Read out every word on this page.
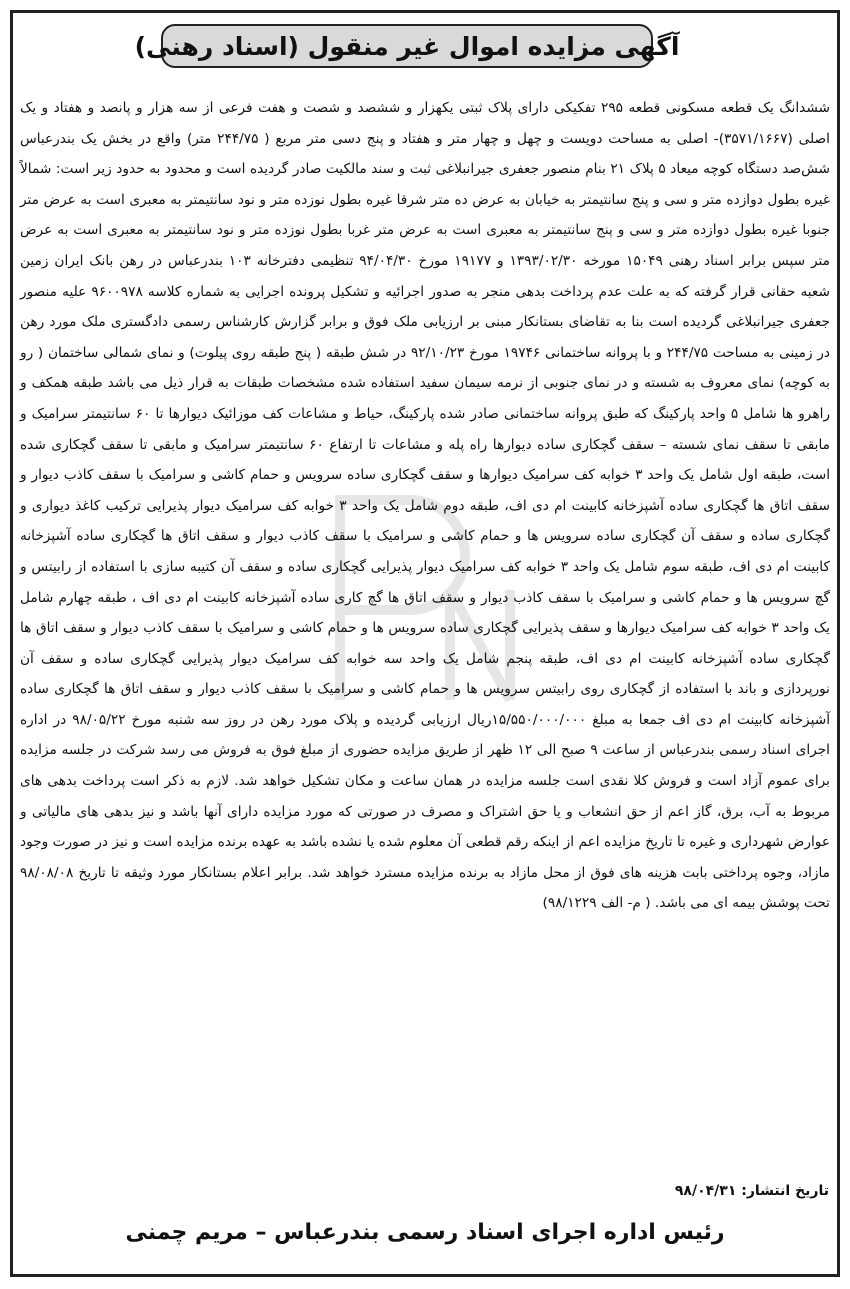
آگهی مزایده اموال غیر منقول (اسناد رهنی)
ششدانگ یک قطعه مسکونی قطعه ۲۹۵ تفکیکی دارای پلاک ثبتی یکهزار و ششصد و شصت و هفت فرعی از سه هزار و پانصد و هفتاد و یک اصلی (۳۵۷۱/۱۶۶۷)- اصلی به مساحت دویست و چهل و چهار متر و هفتاد و پنج دسی متر مربع ( ۲۴۴/۷۵ متر) واقع در بخش یک بندرعباس شش‌صد دستگاه کوچه میعاد ۵ پلاک ۲۱ بنام منصور جعفری جیرانبلاغی ثبت و سند مالکیت صادر گردیده است و محدود به حدود زیر است: شمالاً غیره بطول دوازده متر و سی و پنج سانتیمتر به خیابان به عرض ده متر شرقا غیره بطول نوزده متر و نود سانتیمتر به معبری است به عرض متر جنوبا غیره بطول دوازده متر و سی و پنج سانتیمتر به معبری است به عرض متر غربا بطول نوزده متر و نود سانتیمتر به معبری است به عرض متر سپس برابر اسناد رهنی ۱۵۰۴۹ مورخه ۱۳۹۳/۰۲/۳۰ و ۱۹۱۷۷ مورخ ۹۴/۰۴/۳۰ تنظیمی دفترخانه ۱۰۳ بندرعباس در رهن بانک ایران زمین شعبه حقانی قرار گرفته که به علت عدم پرداخت بدهی منجر به صدور اجرائیه و تشکیل پرونده اجرایی به شماره کلاسه ۹۶۰۰۹۷۸ علیه منصور جعفری جیرانبلاغی گردیده است بنا به تقاضای بستانکار مبنی بر ارزیابی ملک فوق و برابر گزارش کارشناس رسمی دادگستری ملک مورد رهن در زمینی به مساحت ۲۴۴/۷۵ و با پروانه ساختمانی ۱۹۷۴۶ مورخ ۹۲/۱۰/۲۳ در شش طبقه ( پنج طبقه روی پیلوت) و نمای شمالی ساختمان ( رو به کوچه) نمای معروف به شسته و در نمای جنوبی از نرمه سیمان سفید استفاده شده مشخصات طبقات به قرار ذیل می باشد طبقه همکف و راهرو ها شامل ۵ واحد پارکینگ که طبق پروانه ساختمانی صادر شده پارکینگ، حیاط و مشاعات کف موزائیک دیوارها تا ۶۰ سانتیمتر سرامیک و مابقی تا سقف نمای شسته – سقف گچکاری ساده دیوارها راه پله و مشاعات تا ارتفاع ۶۰ سانتیمتر سرامیک و مابقی تا سقف گچکاری شده است، طبقه اول شامل یک واحد ۳ خوابه کف سرامیک دیوارها و سقف گچکاری ساده سرویس و حمام کاشی و سرامیک با سقف کاذب دیوار و سقف اتاق ها گچکاری ساده آشپزخانه کابینت ام دی اف، طبقه دوم شامل یک واحد ۳ خوابه کف سرامیک دیوار پذیرایی ترکیب کاغذ دیواری و گچکاری ساده و سقف آن گچکاری ساده سرویس ها و حمام کاشی و سرامیک با سقف کاذب دیوار و سقف اتاق ها گچکاری ساده آشپزخانه کابینت ام دی اف، طبقه سوم شامل یک واحد ۳ خوابه کف سرامیک دیوار پذیرایی گچکاری ساده و سقف آن کتیبه سازی با استفاده از رابیتس و گچ سرویس ها و حمام کاشی و سرامیک با سقف کاذب دیوار و سقف اتاق ها گچ کاری ساده آشپزخانه کابینت ام دی اف ، طبقه چهارم شامل یک واحد ۳ خوابه کف سرامیک دیوارها و سقف پذیرایی گچکاری ساده سرویس ها و حمام کاشی و سرامیک با سقف کاذب دیوار و سقف اتاق ها گچکاری ساده آشپزخانه کابینت ام دی اف، طبقه پنجم شامل یک واحد سه خوابه کف سرامیک دیوار پذیرایی گچکاری ساده و سقف آن نورپردازی و باند با استفاده از گچکاری روی رابیتس سرویس ها و حمام کاشی و سرامیک با سقف کاذب دیوار و سقف اتاق ها گچکاری ساده آشپزخانه کابینت ام دی اف جمعا به مبلغ ۱۵/۵۵۰/۰۰۰/۰۰۰ریال ارزیابی گردیده و پلاک مورد رهن در روز سه شنبه مورخ ۹۸/۰۵/۲۲ در اداره اجرای اسناد رسمی بندرعباس از ساعت ۹ صبح الی ۱۲ ظهر از طریق مزایده حضوری از مبلغ فوق به فروش می رسد شرکت در جلسه مزایده برای عموم آزاد است و فروش کلا نقدی است جلسه مزایده در همان ساعت و مکان تشکیل خواهد شد. لازم به ذکر است پرداخت بدهی های مربوط به آب، برق، گاز اعم از حق انشعاب و یا حق اشتراک و مصرف در صورتی که مورد مزایده دارای آنها باشد و نیز بدهی های مالیاتی و عوارض شهرداری و غیره تا تاریخ مزایده اعم از اینکه رقم قطعی آن معلوم شده یا نشده باشد به عهده برنده مزایده است و نیز در صورت وجود مازاد، وجوه پرداختی بابت هزینه های فوق از محل مازاد به برنده مزایده مسترد خواهد شد. برابر اعلام بستانکار مورد وثیقه تا تاریخ ۹۸/۰۸/۰۸ تحت پوشش بیمه ای می باشد. ( م- الف ۹۸/۱۲۲۹)
تاریخ انتشار: ۹۸/۰۴/۳۱
رئیس اداره اجرای اسناد رسمی بندرعباس – مریم چمنی
